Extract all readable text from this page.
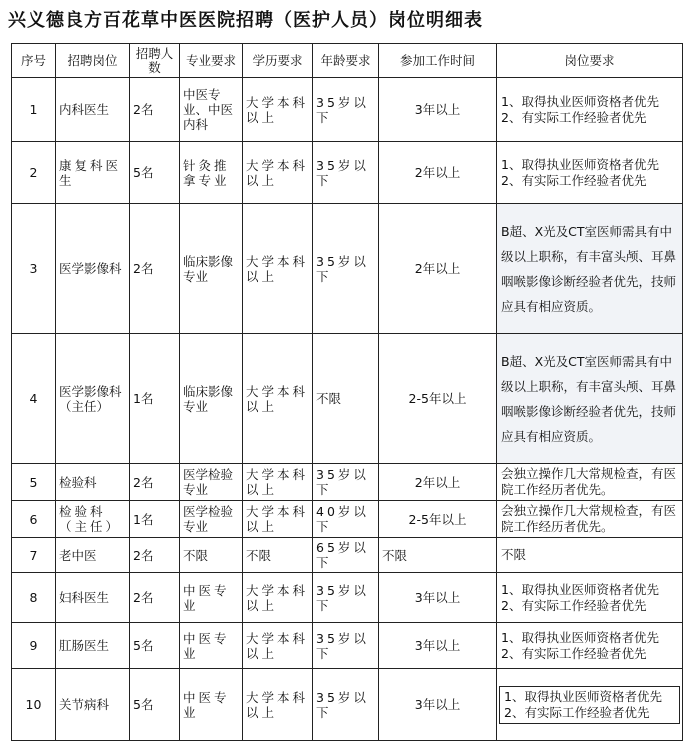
兴义德良方百花草中医医院招聘（医护人员）岗位明细表
序号	招聘岗位	招聘人数	专业要求	学历要求	年龄要求	参加工作时间	岗位要求
1	内科医生	2名	中医专业、中医内科	大学本科以上	35岁以下	3年以上	1、取得执业医师资格者优先
2、有实际工作经验者优先

2	康复科医生	5名	针灸推拿专业	大学本科以上	35岁以下	2年以上	1、取得执业医师资格者优先
2、有实际工作经验者优先

3	医学影像科	2名	临床影像专业	大学本科以上	35岁以下	2年以上	B超、X光及CT室医师需具有中级以上职称，有丰富头颅、耳鼻咽喉影像诊断经验者优先，技师应具有相应资质。
4	医学影像科（主任）	1名	临床影像专业	大学本科以上	不限	2-5年以上	B超、X光及CT室医师需具有中级以上职称，有丰富头颅、耳鼻咽喉影像诊断经验者优先，技师应具有相应资质。
5	检验科	2名	医学检验专业	大学本科以上	35岁以下	2年以上	会独立操作几大常规检查，有医院工作经历者优先。
6	检验科（主任）	1名	医学检验专业	大学本科以上	40岁以下	2-5年以上	会独立操作几大常规检查，有医院工作经历者优先。
7	老中医	2名	不限	不限	65岁以下	不限	不限
8	妇科医生	2名	中医专业	大学本科以上	35岁以下	3年以上	1、取得执业医师资格者优先
2、有实际工作经验者优先

9	肛肠医生	5名	中医专业	大学本科以上	35岁以下	3年以上	1、取得执业医师资格者优先
2、有实际工作经验者优先

10	关节病科	5名	中医专业	大学本科以上	35岁以下	3年以上	1、取得执业医师资格者优先
2、有实际工作经验者优先
